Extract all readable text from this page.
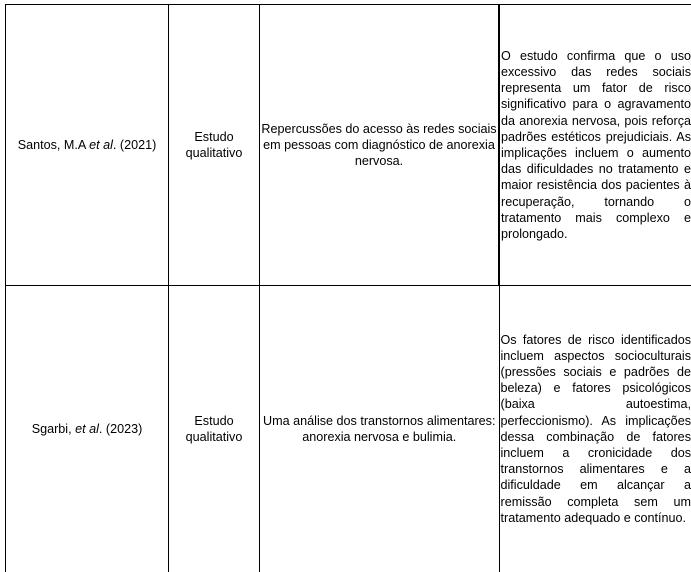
Santos, M.A et al. (2021)	Estudo qualitativo	Repercussões do acesso às redes sociais em pessoas com diagnóstico de anorexia nervosa.	O estudo confirma que o uso excessivo das redes sociais representa um fator de risco significativo para o agravamento da anorexia nervosa, pois reforça padrões estéticos prejudiciais. As implicações incluem o aumento das dificuldades no tratamento e maior resistência dos pacientes à recuperação, tornando o tratamento mais complexo e prolongado.
Sgarbi, et al. (2023)	Estudo qualitativo	Uma análise dos transtornos alimentares: anorexia nervosa e bulimia.	Os fatores de risco identificados incluem aspectos socioculturais (pressões sociais e padrões de beleza) e fatores psicológicos (baixa autoestima, perfeccionismo). As implicações dessa combinação de fatores incluem a cronicidade dos transtornos alimentares e a dificuldade em alcançar a remissão completa sem um tratamento adequado e contínuo.
